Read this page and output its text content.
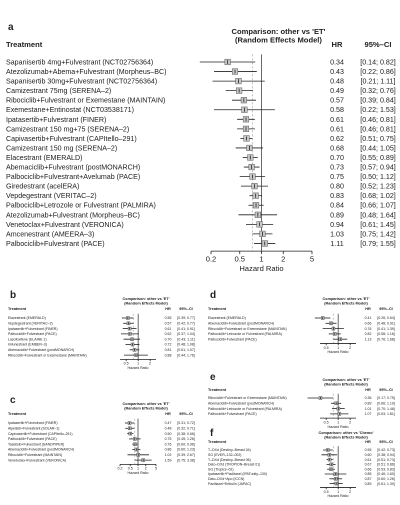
a	Comparison: other vs 'ET' (Random Effects Model)
Treatment	HR	95%–CI
Sapanisertib 4mg+Fulvestrant (NCT02756364)	0.34 [0.14; 0.82]
Atezolizumab+Abema+Fulvestrant (Morpheus–BC)	0.43 [0.22; 0.86]
Sapanisertib 30mg+Fulvestrant (NCT02756364)	0.48 [0.21; 1.11]
Camizestrant 75mg (SERENA–2)	0.49 [0.32; 0.76]
Ribociclib+Fulvestrant or Exemestane (MAINTAIN)	0.57 [0.39; 0.84]
Exemestane+Entinostat (NCT03538171)	0.58 [0.22; 1.53]
Ipatasertib+Fulvestrant (FINER)	0.61 [0.46; 0.81]
Camizestrant 150 mg+75 (SERENA–2)	0.61 [0.46; 0.81]
Capivasertib+Fulvestrant (CAPItello–291)	0.62 [0.51; 0.75]
Camizestrant 150 mg (SERENA–2)	0.68 [0.44; 1.05]
Elacestrant (EMERALD)	0.70 [0.55; 0.89]
Abemaciclib+Fulvestrant (postMONARCH)	0.73 [0.57; 0.94]
Palbociclib+Fulvestrant+Avelumab (PACE)	0.75 [0.50; 1.12]
Giredestrant (acelERA)	0.80 [0.52; 1.23]
Vepdegestrant (VERITAC–2)	0.83 [0.68; 1.02]
Palbociclib+Letrozole or Fulvestrant (PALMIRA)	0.84 [0.66; 1.07]
Atezolizumab+Fulvestrant (Morpheus–BC)	0.89 [0.48; 1.64]
Venetoclax+Fulvestrant (VERONICA)	0.94 [0.61; 1.45]
Amcenestrant (AMEERA–3)	1.03 [0.75; 1.42]
Palbociclib+Fulvestrant (PACE)	1.11 [0.79; 1.55]
0.2 0.5 1 2	5
Hazard Ratio
b	Comparison: other vs 'ET' (Random Effects Model)
Treatment	HR 95%–CI
Elacestrant (EMERALD)	0.55 [0.39; 0.77]
Vepdegestrant (VERITAC–2)	0.57 [0.42; 0.77]
Ipatasertib+Fulvestrant (FINER)	0.61 [0.41; 0.91]
Palbociclib+Fulvestrant (PACE)	0.62 [0.37; 1.04]
Lasofoxifene (ELAINE 1)	0.70 [0.43; 1.11]
Imlunestrant (EMBER–3)	0.72 [0.48; 1.08]
Abemaciclib+Fulvestrant (postMONARCH)	0.81 [0.61; 1.07]
Ribociclib+Fulvestrant or Exemestane (MAINTAIN)	0.88 [0.44; 1.76]
0.5 1	2
Hazard Ratio
d	Comparison: other vs 'ET' (Random Effects Model)
Treatment	HR 95%–CI
Elacestrant (EMERALD)	0.41 [0.26; 0.64]
Abemaciclib+Fulvestrant (postMONARCH)	0.66 [0.48; 0.91]
Ribociclib+Fulvestrant or Exemestane (MAINTAIN)	0.76 [0.41; 1.39]
Palbociclib+Letrozole or Fulvestrant (PALMIRA)	0.82 [0.58; 1.16]
Palbociclib+Fulvestrant (PACE)	1.13 [0.76; 1.68]
0.5 1	2
Hazard Ratio
e	Comparison: other vs 'ET' (Random Effects Model)
Treatment	HR 95%–CI
Ribociclib+Fulvestrant or Exemestane (MAINTAIN)	0.36 [0.17; 0.75]
Abemaciclib+Fulvestrant (postMONARCH)	0.89 [0.66; 1.19]
Palbociclib+Letrozole or Fulvestrant (PALMIRA)	1.01 [0.70; 1.46]
Palbociclib+Fulvestrant (PACE)	1.07 [0.63; 1.81]
0.5 1	2
Hazard Ratio
c	Comparison: other vs 'ET' (Random Effects Model)
Treatment	HR 95%–CI
Ipatasertib+Fulvestrant (FINER)	0.47 [0.31; 0.72]
Alpelisib+Fulvestrant (SOLAR–1)	0.48 [0.32; 0.71]
Capivasertib+Fulvestrant (CAPItello–291)	0.50 [0.38; 0.66]
Palbociclib+Fulvestrant (PACE)	0.75 [0.45; 1.26]
Taselisib+Fulvestrant (SANDPIPER)	0.76 [0.60; 0.96]
Abemaciclib+Fulvestrant (postMONARCH)	0.86 [0.60; 1.23]
Ribociclib+Fulvestrant (MAINTAIN)	1.02 [0.39; 2.67]
Venetoclax+Fulvestrant (VERONICA)	1.59 [0.75; 3.38]
0.2 0.5 1 2 5
Hazard Ratio
f	Comparison: other vs 'Chemo' (Random Effects Model)
Treatment	HR 95%–CI
T–DXd (Destiny–Breast 04)	0.55 [0.42; 0.73]
SG (EVER–132–002)	0.60 [0.38; 0.94]
T–DXd (Destiny–Breast 06)	0.61 [0.51; 0.73]
Dato–DXd (TROPION–Breast 01)	0.67 [0.51; 0.86]
SG (Tropics–02)	0.66 [0.53; 0.83]
Ipatasertib+Paclitaxel (IPATunity–130)	0.85 [0.46; 1.60]
Dato–DXd+Apo (ICCN)	0.87 [0.60; 1.26]
Paclitaxel+Eribulin (JAPAC)	0.89 [0.61; 1.30]
0.5 1	2
Hazard Ratio
